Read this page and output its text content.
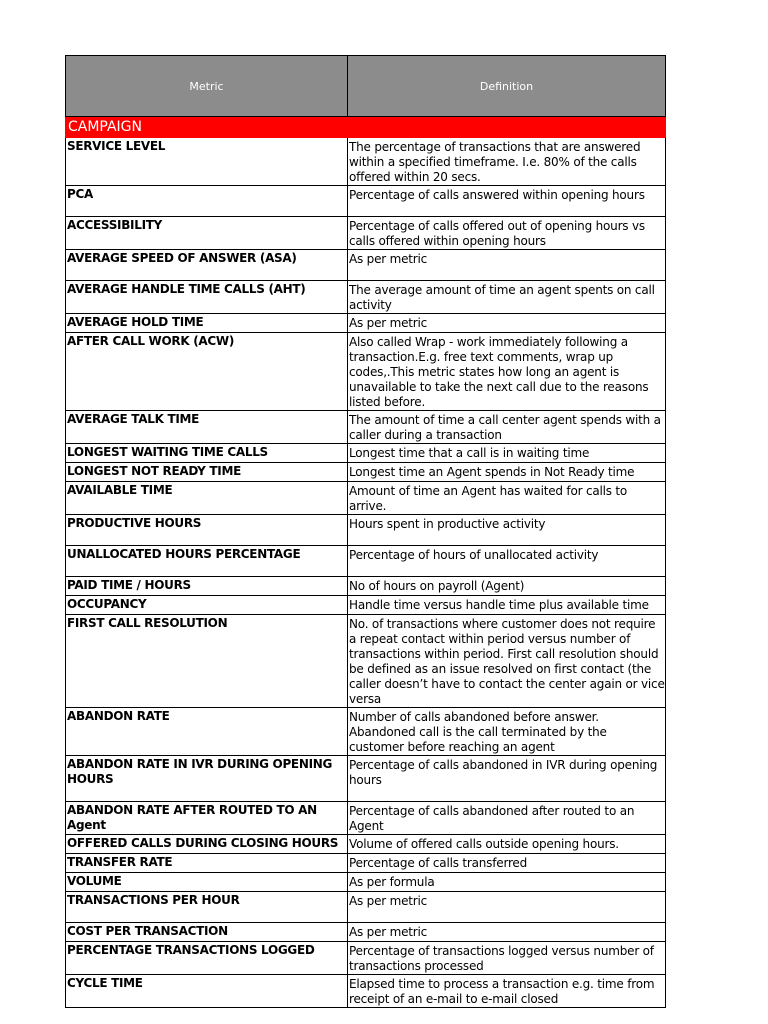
Metric	Definition
CAMPAIGN	
SERVICE LEVEL	The percentage of transactions that are answered within a specified timeframe. I.e. 80% of the calls offered within 20 secs.
PCA	Percentage of calls answered within opening hours
ACCESSIBILITY	Percentage of calls offered out of opening hours vs calls offered within opening hours
AVERAGE SPEED OF ANSWER (ASA)	As per metric
AVERAGE HANDLE TIME CALLS (AHT)	The average amount of time an agent spents on call activity
AVERAGE HOLD TIME	As per metric
AFTER CALL WORK (ACW)	Also called Wrap - work immediately following a transaction.E.g. free text comments, wrap up codes,.This metric states how long an agent is unavailable to take the next call due to the reasons listed before.
AVERAGE TALK TIME	The amount of time a call center agent spends with a caller during a transaction
LONGEST WAITING TIME CALLS	Longest time that a call is in waiting time
LONGEST NOT READY TIME	Longest time an Agent spends in Not Ready time
AVAILABLE TIME	Amount of time an Agent has waited for calls to arrive.
PRODUCTIVE HOURS	Hours spent in productive activity
UNALLOCATED HOURS PERCENTAGE	Percentage of hours of unallocated activity
PAID TIME / HOURS	No of hours on payroll (Agent)
OCCUPANCY	Handle time versus handle time plus available time
FIRST CALL RESOLUTION	No. of transactions where customer does not require a repeat contact within period versus number of transactions within period. First call resolution should be defined as an issue resolved on first contact (the caller doesn’t have to contact the center again or vice versa
ABANDON RATE	Number of calls abandoned before answer. Abandoned call is the call terminated by the customer before reaching an agent
ABANDON RATE IN IVR DURING OPENING HOURS	Percentage of calls abandoned in IVR during opening hours
ABANDON RATE AFTER ROUTED TO AN Agent	Percentage of calls abandoned after routed to an Agent
OFFERED CALLS DURING CLOSING HOURS	Volume of offered calls outside opening hours.
TRANSFER RATE	Percentage of calls transferred
VOLUME	As per formula
TRANSACTIONS PER HOUR	As per metric
COST PER TRANSACTION	As per metric
PERCENTAGE TRANSACTIONS LOGGED	Percentage of transactions logged versus number of transactions processed
CYCLE TIME	Elapsed time to process a transaction e.g. time from receipt of an e-mail to e-mail closed
